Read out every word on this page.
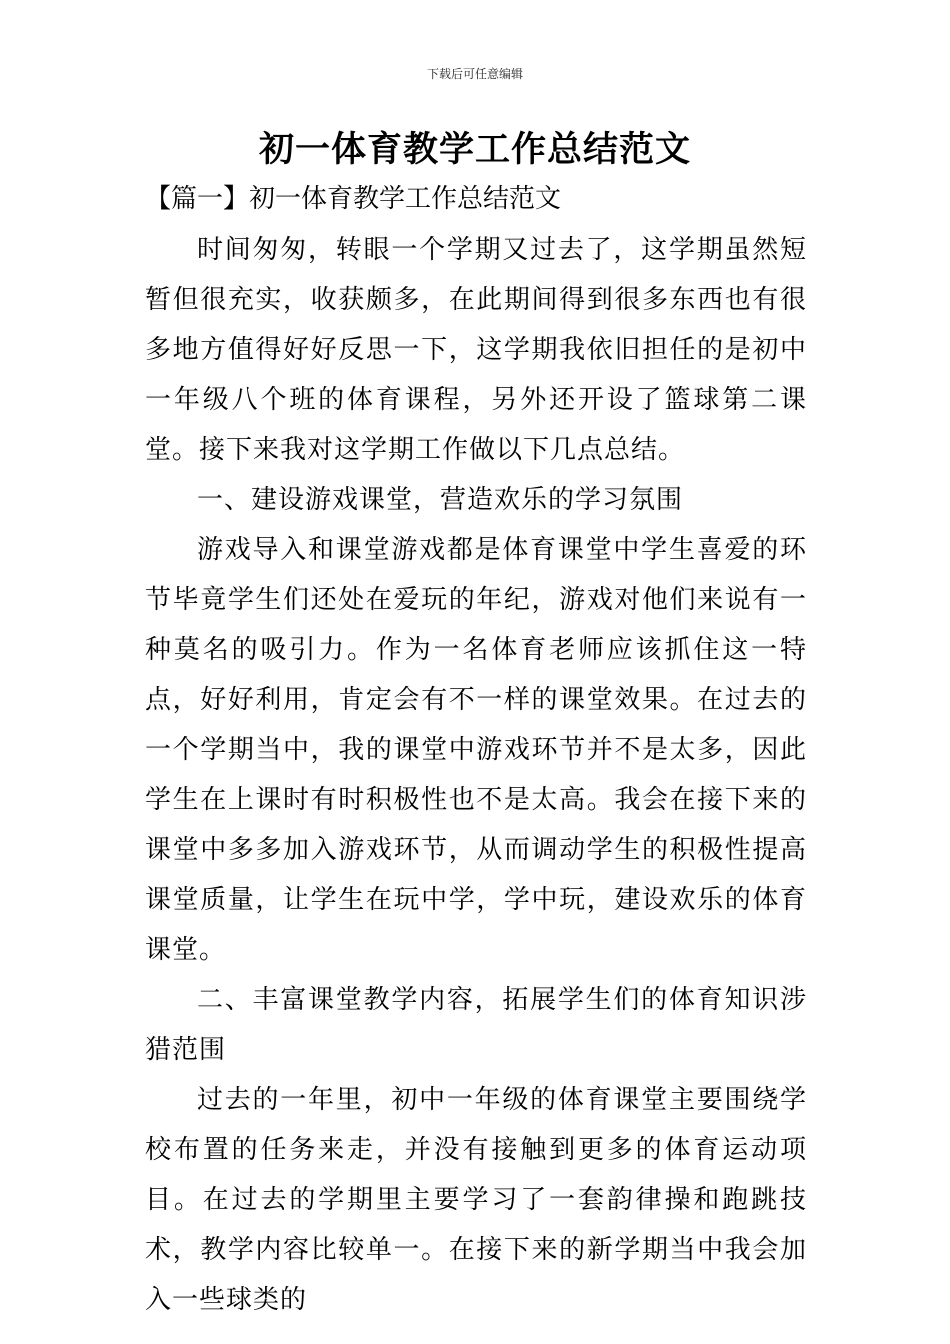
下载后可任意编辑
初一体育教学工作总结范文

【篇一】初一体育教学工作总结范文

时间匆匆，转眼一个学期又过去了，这学期虽然短暂但很充实，收获颇多，在此期间得到很多东西也有很多地方值得好好反思一下，这学期我依旧担任的是初中一年级八个班的体育课程，另外还开设了篮球第二课堂。接下来我对这学期工作做以下几点总结。

一、建设游戏课堂，营造欢乐的学习氛围

游戏导入和课堂游戏都是体育课堂中学生喜爱的环节毕竟学生们还处在爱玩的年纪，游戏对他们来说有一种莫名的吸引力。作为一名体育老师应该抓住这一特点，好好利用，肯定会有不一样的课堂效果。在过去的一个学期当中，我的课堂中游戏环节并不是太多，因此学生在上课时有时积极性也不是太高。我会在接下来的课堂中多多加入游戏环节，从而调动学生的积极性提高课堂质量，让学生在玩中学，学中玩，建设欢乐的体育课堂。

二、丰富课堂教学内容，拓展学生们的体育知识涉猎范围

过去的一年里，初中一年级的体育课堂主要围绕学校布置的任务来走，并没有接触到更多的体育运动项目。在过去的学期里主要学习了一套韵律操和跑跳技术，教学内容比较单一。在接下来的新学期当中我会加入一些球类的
